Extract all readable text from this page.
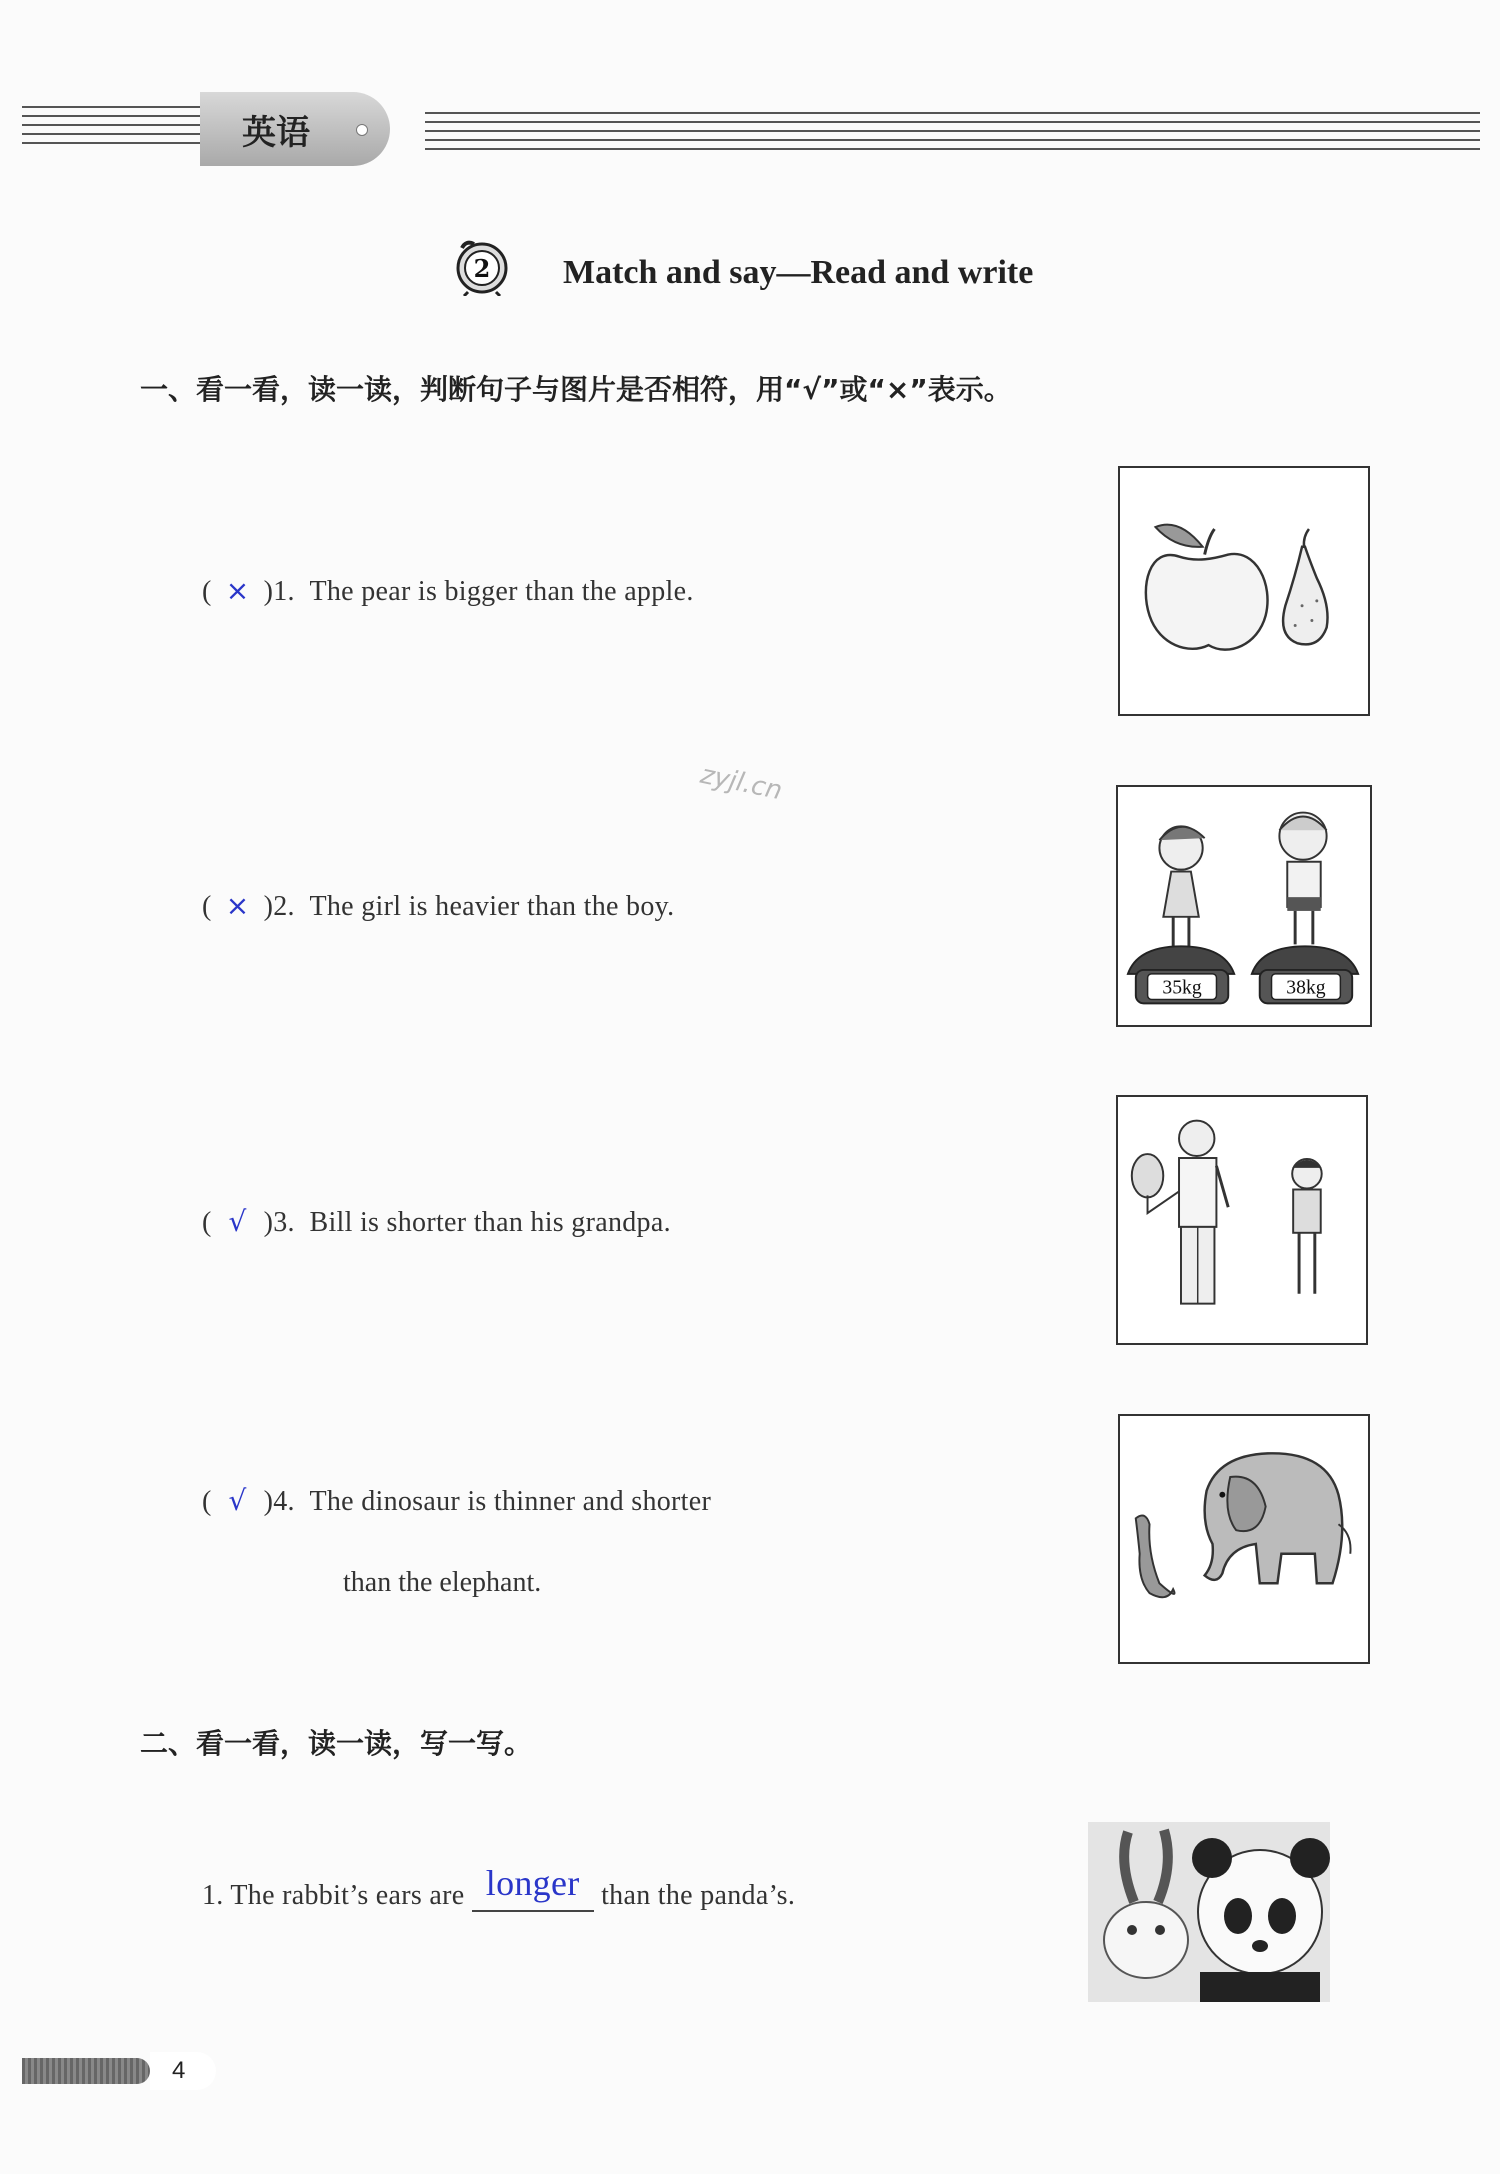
英语
2 Match and say—Read and write
一、看一看，读一读，判断句子与图片是否相符，用“√”或“×”表示。
( × )1. The pear is bigger than the apple.
( × )2. The girl is heavier than the boy.
( √ )3. Bill is shorter than his grandpa.
( √ )4. The dinosaur is thinner and shorter
than the elephant.
zyjl.cn
35kg	38kg
二、看一看，读一读，写一写。
1. The rabbit’s ears are longer than the panda’s.
4
